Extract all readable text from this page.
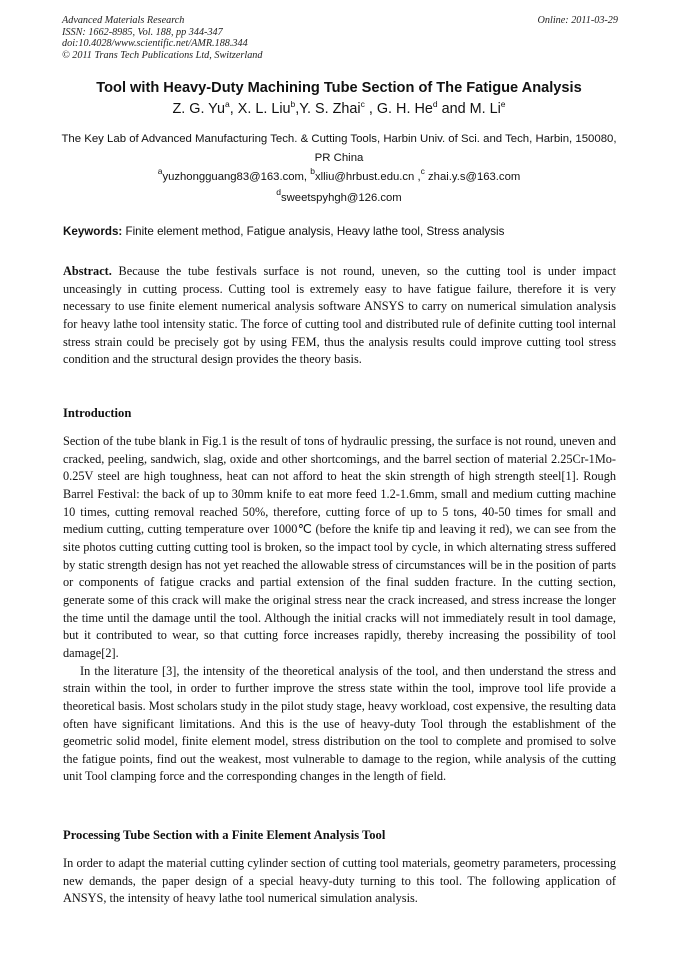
Advanced Materials Research
ISSN: 1662-8985, Vol. 188, pp 344-347
doi:10.4028/www.scientific.net/AMR.188.344
© 2011 Trans Tech Publications Ltd, Switzerland
Online: 2011-03-29
Tool with Heavy-Duty Machining Tube Section of The Fatigue Analysis
Z. G. Yu$^a$, X. L. Liu$^b$,Y. S. Zhai$^c$ , G. H. He$^d$ and M. Li$^e$
The Key Lab of Advanced Manufacturing Tech. & Cutting Tools, Harbin Univ. of Sci. and Tech, Harbin, 150080, PR China
$^a$yuzhongguang83@163.com, $^b$xlliu@hrbust.edu.cn ,$^c$ zhai.y.s@163.com
$^d$sweetspyhgh@126.com
Keywords: Finite element method, Fatigue analysis, Heavy lathe tool, Stress analysis

Abstract. Because the tube festivals surface is not round, uneven, so the cutting tool is under impact unceasingly in cutting process. Cutting tool is extremely easy to have fatigue failure, therefore it is very necessary to use finite element numerical analysis software ANSYS to carry on numerical simulation analysis for heavy lathe tool intensity static. The force of cutting tool and distributed rule of definite cutting tool internal stress strain could be precisely got by using FEM, thus the analysis results could improve cutting tool stress condition and the structural design provides the theory basis.

Introduction

Section of the tube blank in Fig.1 is the result of tons of hydraulic pressing, the surface is not round, uneven and cracked, peeling, sandwich, slag, oxide and other shortcomings, and the barrel section of material 2.25Cr-1Mo-0.25V steel are high toughness, heat can not afford to heat the skin strength of high strength steel[1]. Rough Barrel Festival: the back of up to 30mm knife to eat more feed 1.2-1.6mm, small and medium cutting machine 10 times, cutting removal reached 50%, therefore, cutting force of up to 5 tons, 40-50 times for small and medium cutting, cutting temperature over 1000℃ (before the knife tip and leaving it red), we can see from the site photos cutting cutting cutting tool is broken, so the impact tool by cycle, in which alternating stress suffered by static strength design has not yet reached the allowable stress of circumstances will be in the position of parts or components of fatigue cracks and partial extension of the final sudden fracture. In the cutting section, generate some of this crack will make the original stress near the crack increased, and stress increase the longer the time until the damage until the tool. Although the initial cracks will not immediately result in tool damage, but it contributed to wear, so that cutting force increases rapidly, thereby increasing the possibility of tool damage[2].

In the literature [3], the intensity of the theoretical analysis of the tool, and then understand the stress and strain within the tool, in order to further improve the stress state within the tool, improve tool life provide a theoretical basis. Most scholars study in the pilot study stage, heavy workload, cost expensive, the resulting data often have significant limitations. And this is the use of heavy-duty Tool through the establishment of the geometric solid model, finite element model, stress distribution on the tool to complete and promised to solve the fatigue points, find out the weakest, most vulnerable to damage to the region, while analysis of the cutting unit Tool clamping force and the corresponding changes in the length of field.

Processing Tube Section with a Finite Element Analysis Tool

In order to adapt the material cutting cylinder section of cutting tool materials, geometry parameters, processing new demands, the paper design of a special heavy-duty turning to this tool. The following application of ANSYS, the intensity of heavy lathe tool numerical simulation analysis.
